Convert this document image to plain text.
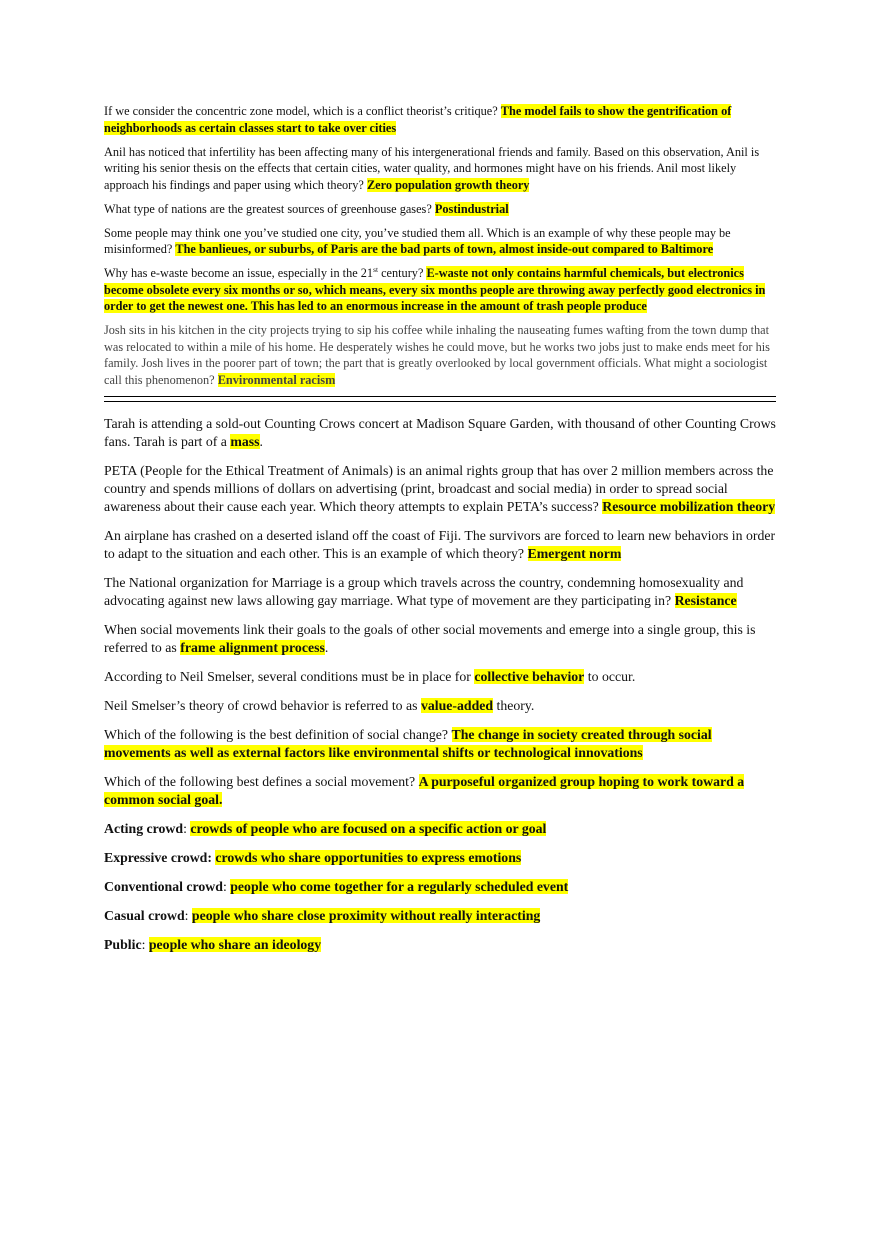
If we consider the concentric zone model, which is a conflict theorist’s critique? The model fails to show the gentrification of neighborhoods as certain classes start to take over cities

Anil has noticed that infertility has been affecting many of his intergenerational friends and family. Based on this observation, Anil is writing his senior thesis on the effects that certain cities, water quality, and hormones might have on his friends. Anil most likely approach his findings and paper using which theory? Zero population growth theory

What type of nations are the greatest sources of greenhouse gases? Postindustrial

Some people may think one you’ve studied one city, you’ve studied them all. Which is an example of why these people may be misinformed? The banlieues, or suburbs, of Paris are the bad parts of town, almost inside-out compared to Baltimore

Why has e-waste become an issue, especially in the 21st century? E-waste not only contains harmful chemicals, but electronics become obsolete every six months or so, which means, every six months people are throwing away perfectly good electronics in order to get the newest one. This has led to an enormous increase in the amount of trash people produce

Josh sits in his kitchen in the city projects trying to sip his coffee while inhaling the nauseating fumes wafting from the town dump that was relocated to within a mile of his home. He desperately wishes he could move, but he works two jobs just to make ends meet for his family. Josh lives in the poorer part of town; the part that is greatly overlooked by local government officials. What might a sociologist call this phenomenon? Environmental racism

Tarah is attending a sold-out Counting Crows concert at Madison Square Garden, with thousand of other Counting Crows fans. Tarah is part of a mass.

PETA (People for the Ethical Treatment of Animals) is an animal rights group that has over 2 million members across the country and spends millions of dollars on advertising (print, broadcast and social media) in order to spread social awareness about their cause each year. Which theory attempts to explain PETA’s success? Resource mobilization theory

An airplane has crashed on a deserted island off the coast of Fiji. The survivors are forced to learn new behaviors in order to adapt to the situation and each other. This is an example of which theory? Emergent norm

The National organization for Marriage is a group which travels across the country, condemning homosexuality and advocating against new laws allowing gay marriage. What type of movement are they participating in? Resistance

When social movements link their goals to the goals of other social movements and emerge into a single group, this is referred to as frame alignment process.

According to Neil Smelser, several conditions must be in place for collective behavior to occur.

Neil Smelser’s theory of crowd behavior is referred to as value-added theory.

Which of the following is the best definition of social change? The change in society created through social movements as well as external factors like environmental shifts or technological innovations

Which of the following best defines a social movement? A purposeful organized group hoping to work toward a common social goal.

Acting crowd: crowds of people who are focused on a specific action or goal

Expressive crowd: crowds who share opportunities to express emotions

Conventional crowd: people who come together for a regularly scheduled event

Casual crowd: people who share close proximity without really interacting

Public: people who share an ideology
